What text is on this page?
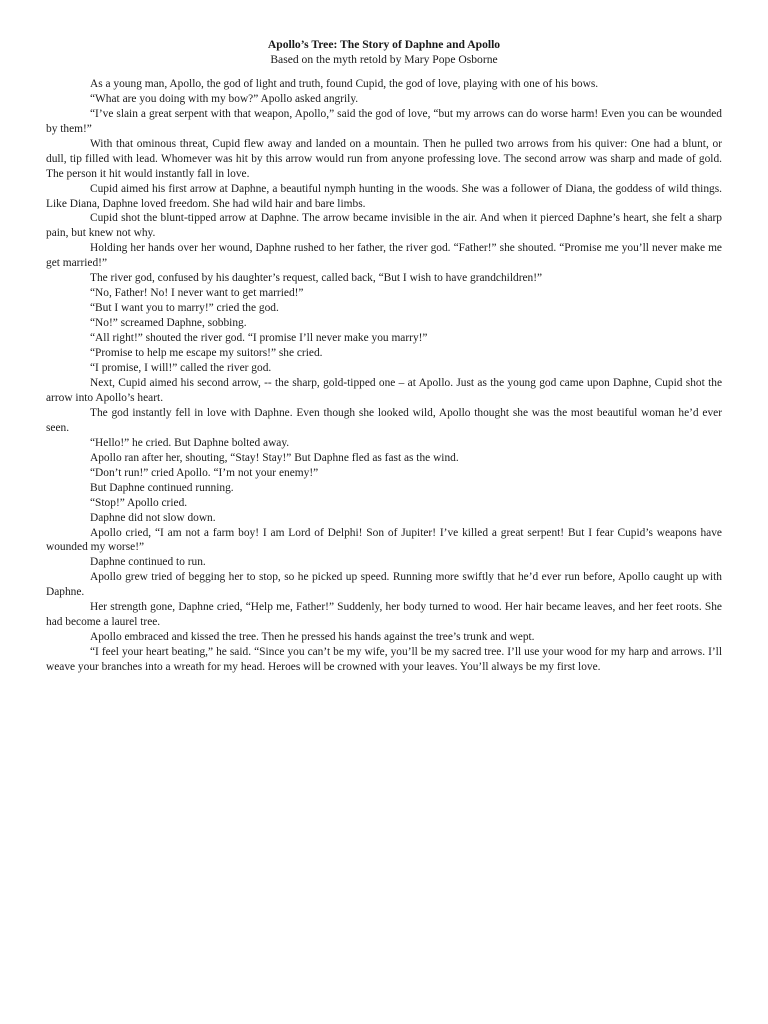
Apollo’s Tree: The Story of Daphne and Apollo

Based on the myth retold by Mary Pope Osborne

As a young man, Apollo, the god of light and truth, found Cupid, the god of love, playing with one of his bows.

“What are you doing with my bow?” Apollo asked angrily.

“I’ve slain a great serpent with that weapon, Apollo,” said the god of love, “but my arrows can do worse harm! Even you can be wounded by them!”

With that ominous threat, Cupid flew away and landed on a mountain. Then he pulled two arrows from his quiver: One had a blunt, or dull, tip filled with lead. Whomever was hit by this arrow would run from anyone professing love. The second arrow was sharp and made of gold. The person it hit would instantly fall in love.

Cupid aimed his first arrow at Daphne, a beautiful nymph hunting in the woods. She was a follower of Diana, the goddess of wild things. Like Diana, Daphne loved freedom. She had wild hair and bare limbs.

Cupid shot the blunt-tipped arrow at Daphne. The arrow became invisible in the air. And when it pierced Daphne’s heart, she felt a sharp pain, but knew not why.

Holding her hands over her wound, Daphne rushed to her father, the river god. “Father!” she shouted. “Promise me you’ll never make me get married!”

The river god, confused by his daughter’s request, called back, “But I wish to have grandchildren!”

“No, Father! No! I never want to get married!”

“But I want you to marry!” cried the god.

“No!” screamed Daphne, sobbing.

“All right!” shouted the river god. “I promise I’ll never make you marry!”

“Promise to help me escape my suitors!” she cried.

“I promise, I will!” called the river god.

Next, Cupid aimed his second arrow, -- the sharp, gold-tipped one – at Apollo. Just as the young god came upon Daphne, Cupid shot the arrow into Apollo’s heart.

The god instantly fell in love with Daphne. Even though she looked wild, Apollo thought she was the most beautiful woman he’d ever seen.

“Hello!” he cried. But Daphne bolted away.

Apollo ran after her, shouting, “Stay! Stay!” But Daphne fled as fast as the wind.

“Don’t run!” cried Apollo. “I’m not your enemy!”

But Daphne continued running.

“Stop!” Apollo cried.

Daphne did not slow down.

Apollo cried, “I am not a farm boy! I am Lord of Delphi! Son of Jupiter! I’ve killed a great serpent! But I fear Cupid’s weapons have wounded my worse!”

Daphne continued to run.

Apollo grew tried of begging her to stop, so he picked up speed. Running more swiftly that he’d ever run before, Apollo caught up with Daphne.

Her strength gone, Daphne cried, “Help me, Father!” Suddenly, her body turned to wood. Her hair became leaves, and her feet roots. She had become a laurel tree.

Apollo embraced and kissed the tree. Then he pressed his hands against the tree’s trunk and wept.

“I feel your heart beating,” he said. “Since you can’t be my wife, you’ll be my sacred tree. I’ll use your wood for my harp and arrows. I’ll weave your branches into a wreath for my head. Heroes will be crowned with your leaves. You’ll always be my first love.
